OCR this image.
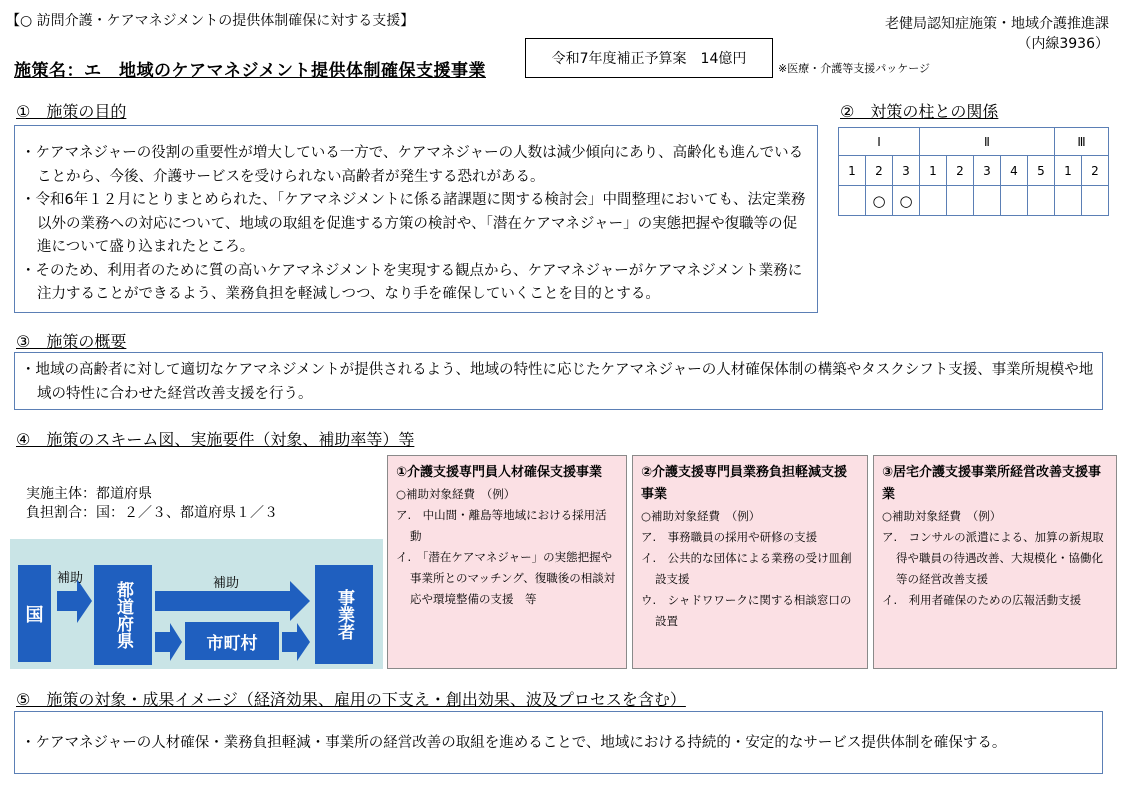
【○ 訪問介護・ケアマネジメントの提供体制確保に対する支援】	老健局認知症施策・地域介護推進課
（内線3936）
施策名：エ　地域のケアマネジメント提供体制確保支援事業
令和7年度補正予算案　14億円
※医療・介護等支援パッケージ
①　施策の目的

・ケアマネジャーの役割の重要性が増大している一方で、ケアマネジャーの人数は減少傾向にあり、高齢化も進んでいることから、今後、介護サービスを受けられない高齢者が発生する恐れがある。

・令和6年１２月にとりまとめられた、「ケアマネジメントに係る諸課題に関する検討会」中間整理においても、法定業務以外の業務への対応について、地域の取組を促進する方策の検討や、「潜在ケアマネジャー」の実態把握や復職等の促進について盛り込まれたところ。

・そのため、利用者のために質の高いケアマネジメントを実現する観点から、ケアマネジャーがケアマネジメント業務に注力することができるよう、業務負担を軽減しつつ、なり手を確保していくことを目的とする。

②　対策の柱との関係
Ⅰ			Ⅱ					Ⅲ	
1	2	3	1	2	3	4	5	1	2
	○	○							
③　施策の概要

・地域の高齢者に対して適切なケアマネジメントが提供されるよう、地域の特性に応じたケアマネジャーの人材確保体制の構築やタスクシフト支援、事業所規模や地域の特性に合わせた経営改善支援を行う。

④　施策のスキーム図、実施要件（対象、補助率等）等
実施主体：都道府県
負担割合：国：２／３、都道府県１／３
国
補助
都道府県	補助
市町村
事業者
①介護支援専門員人材確保支援事業
○補助対象経費　（例）
ア.　中山間・離島等地域における採用活動
イ.　「潜在ケアマネジャー」の実態把握や事業所とのマッチング、復職後の相談対応や環境整備の支援　等
②介護支援専門員業務負担軽減支援事業
○補助対象経費　（例）
ア.　事務職員の採用や研修の支援
イ.　公共的な団体による業務の受け皿創設支援
ウ.　シャドワワークに関する相談窓口の設置
③居宅介護支援事業所経営改善支援事業
○補助対象経費　（例）
ア.　コンサルの派遣による、加算の新規取得や職員の待遇改善、大規模化・協働化等の経営改善支援
イ.　利用者確保のための広報活動支援
⑤　施策の対象・成果イメージ（経済効果、雇用の下支え・創出効果、波及プロセスを含む）

・ケアマネジャーの人材確保・業務負担軽減・事業所の経営改善の取組を進めることで、地域における持続的・安定的なサービス提供体制を確保する。
